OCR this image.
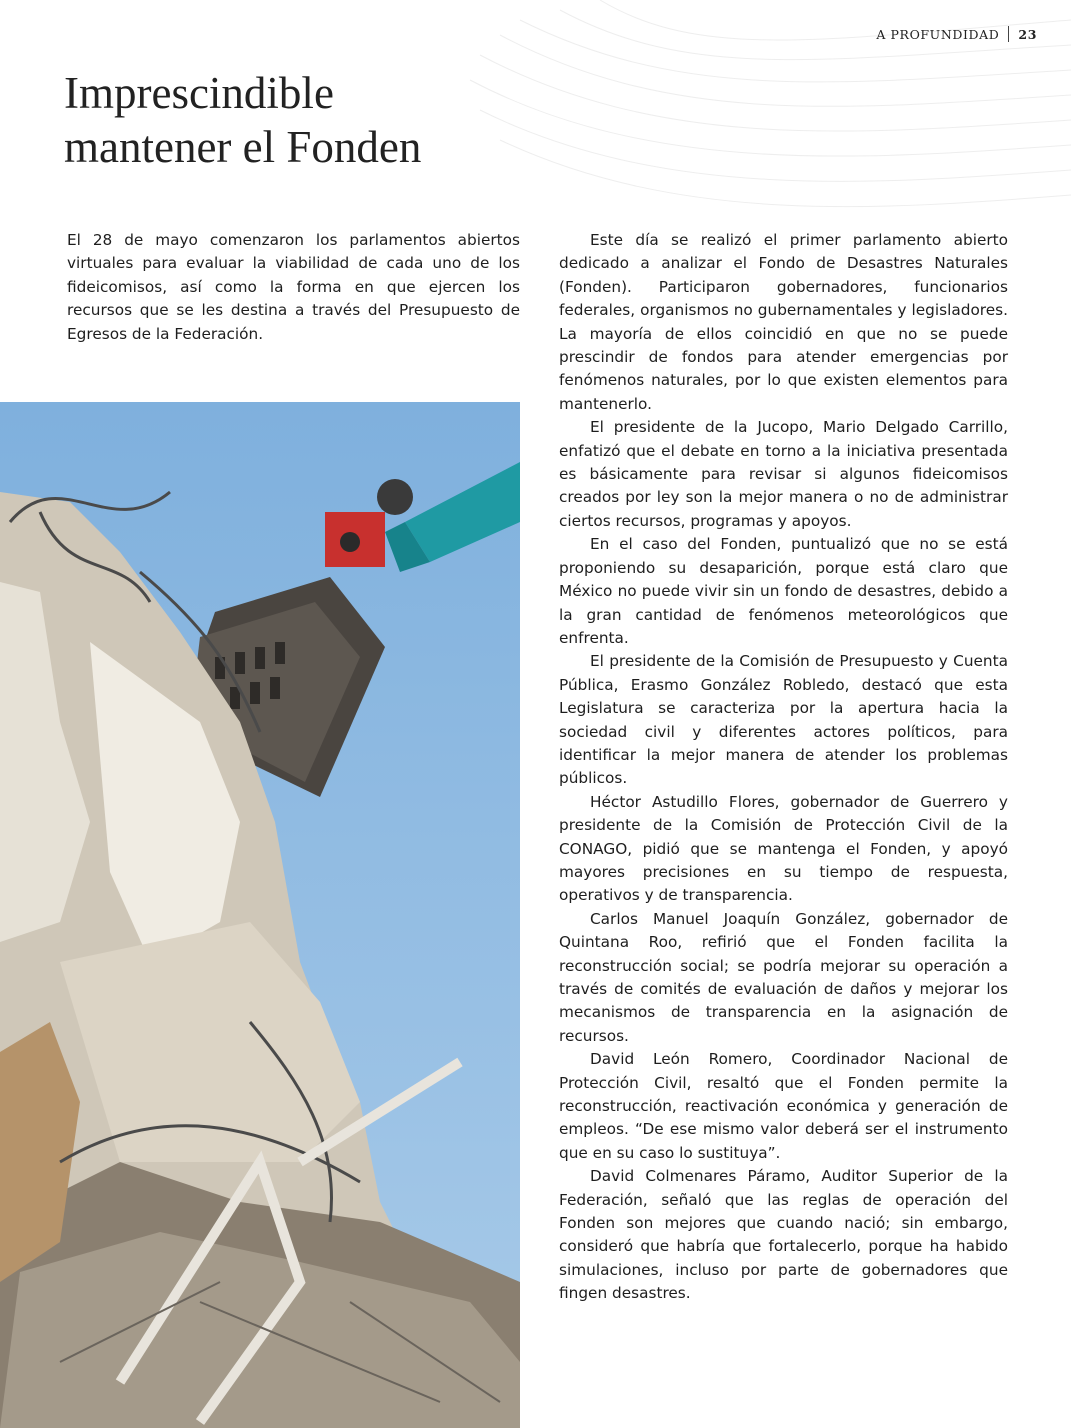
A PROFUNDIDAD 23
Imprescindible
mantener el Fonden

El 28 de mayo comenzaron los parlamentos abiertos virtuales para evaluar la viabilidad de cada uno de los fideicomisos, así como la forma en que ejercen los recursos que se les destina a través del Presupuesto de Egresos de la Federación.

Este día se realizó el primer parlamento abierto dedicado a analizar el Fondo de Desastres Naturales (Fonden). Participaron gobernadores, funcionarios federales, organismos no gubernamentales y legisladores. La mayoría de ellos coincidió en que no se puede prescindir de fondos para atender emergencias por fenómenos naturales, por lo que existen elementos para mantenerlo.

El presidente de la Jucopo, Mario Delgado Carrillo, enfatizó que el debate en torno a la iniciativa presentada es básicamente para revisar si algunos fideicomisos creados por ley son la mejor manera o no de administrar ciertos recursos, programas y apoyos.

En el caso del Fonden, puntualizó que no se está proponiendo su desaparición, porque está claro que México no puede vivir sin un fondo de desastres, debido a la gran cantidad de fenómenos meteorológicos que enfrenta.

El presidente de la Comisión de Presupuesto y Cuenta Pública, Erasmo González Robledo, destacó que esta Legislatura se caracteriza por la apertura hacia la sociedad civil y diferentes actores políticos, para identificar la mejor manera de atender los problemas públicos.

Héctor Astudillo Flores, gobernador de Guerrero y presidente de la Comisión de Protección Civil de la CONAGO, pidió que se mantenga el Fonden, y apoyó mayores precisiones en su tiempo de respuesta, operativos y de transparencia.

Carlos Manuel Joaquín González, gobernador de Quintana Roo, refirió que el Fonden facilita la reconstrucción social; se podría mejorar su operación a través de comités de evaluación de daños y mejorar los mecanismos de transparencia en la asignación de recursos.

David León Romero, Coordinador Nacional de Protección Civil, resaltó que el Fonden permite la reconstrucción, reactivación económica y generación de empleos. “De ese mismo valor deberá ser el instrumento que en su caso lo sustituya”.

David Colmenares Páramo, Auditor Superior de la Federación, señaló que las reglas de operación del Fonden son mejores que cuando nació; sin embargo, consideró que habría que fortalecerlo, porque ha habido simulaciones, incluso por parte de gobernadores que fingen desastres.
